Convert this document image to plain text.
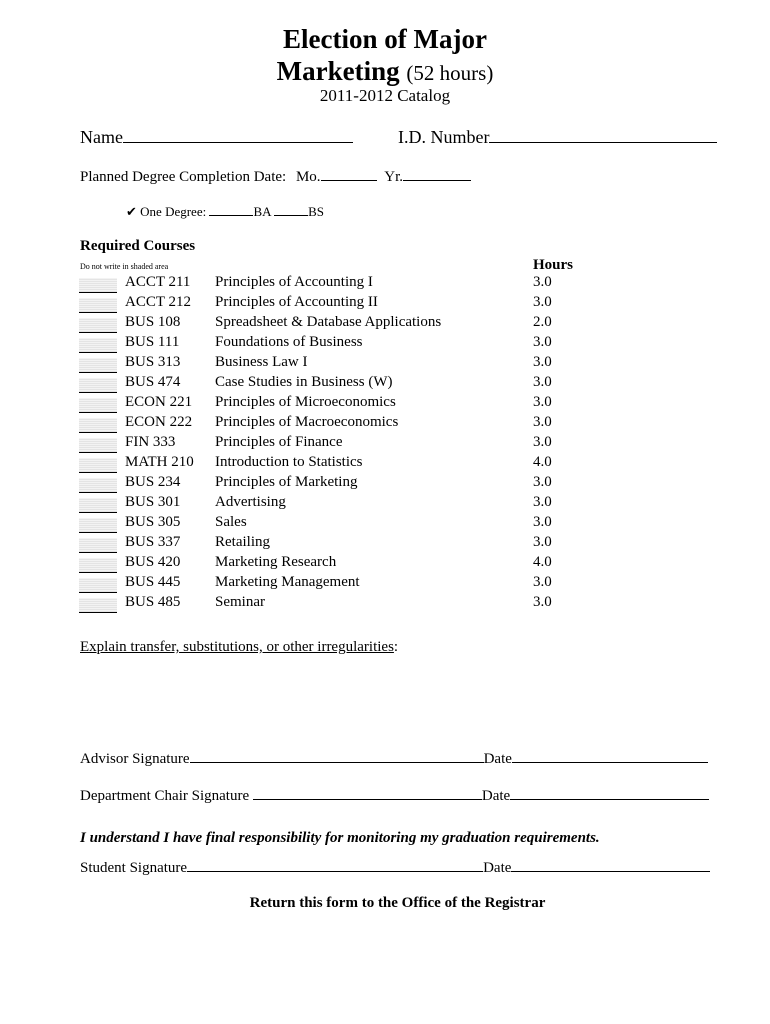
Election of Major
Marketing (52 hours)
2011-2012 Catalog
Name	I.D. Number
Planned Degree Completion Date: Mo.	Yr.
✔ One Degree:	BA	BS
Required Courses
Do not write in shaded area	Hours
ACCT 211 Principles of Accounting I	3.0
ACCT 212 Principles of Accounting II	3.0
BUS 108 Spreadsheet & Database Applications	2.0
BUS 111 Foundations of Business	3.0
BUS 313 Business Law I	3.0
BUS 474 Case Studies in Business (W)	3.0
ECON 221 Principles of Microeconomics	3.0
ECON 222 Principles of Macroeconomics	3.0
FIN 333	Principles of Finance	3.0
MATH 210 Introduction to Statistics	4.0
BUS 234 Principles of Marketing	3.0
BUS 301 Advertising	3.0
BUS 305 Sales	3.0
BUS 337 Retailing	3.0
BUS 420 Marketing Research	4.0
BUS 445 Marketing Management	3.0
BUS 485 Seminar	3.0
Explain transfer, substitutions, or other irregularities:
Advisor Signature	Date
Department Chair Signature	Date
I understand I have final responsibility for monitoring my graduation requirements.
Student Signature	Date
Return this form to the Office of the Registrar
